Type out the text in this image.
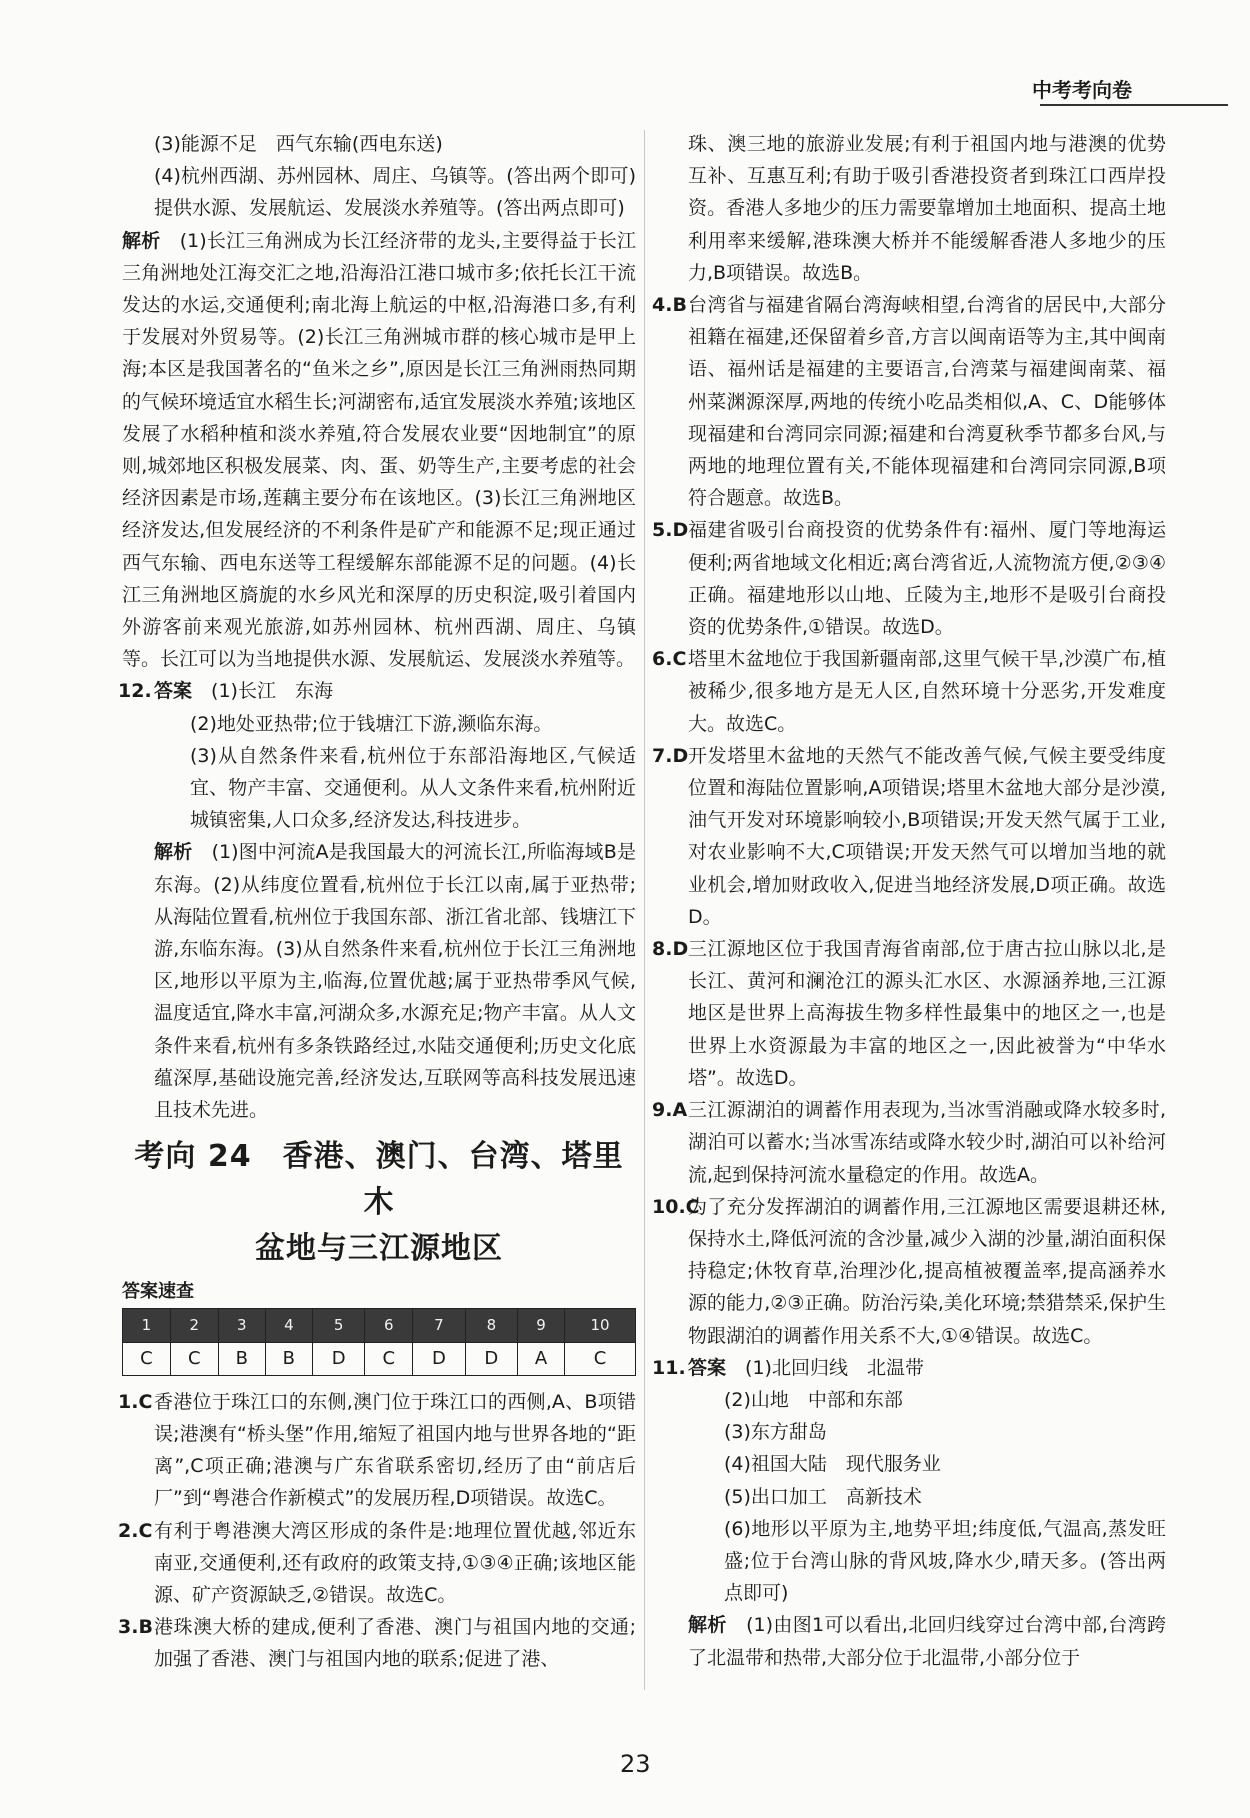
中考考向卷

(3)能源不足　西气东输(西电东送)

(4)杭州西湖、苏州园林、周庄、乌镇等。(答出两个即可)提供水源、发展航运、发展淡水养殖等。(答出两点即可)

解析　 (1)长江三角洲成为长江经济带的龙头,主要得益于长江三角洲地处江海交汇之地,沿海沿江港口城市多;依托长江干流发达的水运,交通便利;南北海上航运的中枢,沿海港口多,有利于发展对外贸易等。(2)长江三角洲城市群的核心城市是甲上海;本区是我国著名的“鱼米之乡”,原因是长江三角洲雨热同期的气候环境适宜水稻生长;河湖密布,适宜发展淡水养殖;该地区发展了水稻种植和淡水养殖,符合发展农业要“因地制宜”的原则,城郊地区积极发展菜、肉、蛋、奶等生产,主要考虑的社会经济因素是市场,莲藕主要分布在该地区。(3)长江三角洲地区经济发达,但发展经济的不利条件是矿产和能源不足;现正通过西气东输、西电东送等工程缓解东部能源不足的问题。(4)长江三角洲地区旖旎的水乡风光和深厚的历史积淀,吸引着国内外游客前来观光旅游,如苏州园林、杭州西湖、周庄、乌镇等。长江可以为当地提供水源、发展航运、发展淡水养殖等。

12. 答案　 (1)长江　东海

(2)地处亚热带;位于钱塘江下游,濒临东海。

(3)从自然条件来看,杭州位于东部沿海地区,气候适宜、物产丰富、交通便利。从人文条件来看,杭州附近城镇密集,人口众多,经济发达,科技进步。

解析　 (1)图中河流A是我国最大的河流长江,所临海域B是东海。(2)从纬度位置看,杭州位于长江以南,属于亚热带;从海陆位置看,杭州位于我国东部、浙江省北部、钱塘江下游,东临东海。(3)从自然条件来看,杭州位于长江三角洲地区,地形以平原为主,临海,位置优越;属于亚热带季风气候,温度适宜,降水丰富,河湖众多,水源充足;物产丰富。从人文条件来看,杭州有多条铁路经过,水陆交通便利;历史文化底蕴深厚,基础设施完善,经济发达,互联网等高科技发展迅速且技术先进。

考向 24　香港、澳门、台湾、塔里木
盆地与三江源地区
答案速查
1	2	3	4	5	6	7	8	9	10
C	C	B	B	D	C	D	D	A	C
1.C 香港位于珠江口的东侧,澳门位于珠江口的西侧,A、B项错误;港澳有“桥头堡”作用,缩短了祖国内地与世界各地的“距离”,C项正确;港澳与广东省联系密切,经历了由“前店后厂”到“粤港合作新模式”的发展历程,D项错误。故选C。
2.C 有利于粤港澳大湾区形成的条件是:地理位置优越,邻近东南亚,交通便利,还有政府的政策支持,①③④正确;该地区能源、矿产资源缺乏,②错误。故选C。
3.B 港珠澳大桥的建成,便利了香港、澳门与祖国内地的交通;加强了香港、澳门与祖国内地的联系;促进了港、

珠、澳三地的旅游业发展;有利于祖国内地与港澳的优势互补、互惠互利;有助于吸引香港投资者到珠江口西岸投资。香港人多地少的压力需要靠增加土地面积、提高土地利用率来缓解,港珠澳大桥并不能缓解香港人多地少的压力,B项错误。故选B。

4.B 台湾省与福建省隔台湾海峡相望,台湾省的居民中,大部分祖籍在福建,还保留着乡音,方言以闽南语等为主,其中闽南语、福州话是福建的主要语言,台湾菜与福建闽南菜、福州菜渊源深厚,两地的传统小吃品类相似,A、C、D能够体现福建和台湾同宗同源;福建和台湾夏秋季节都多台风,与两地的地理位置有关,不能体现福建和台湾同宗同源,B项符合题意。故选B。
5.D 福建省吸引台商投资的优势条件有:福州、厦门等地海运便利;两省地域文化相近;离台湾省近,人流物流方便,②③④正确。福建地形以山地、丘陵为主,地形不是吸引台商投资的优势条件,①错误。故选D。
6.C 塔里木盆地位于我国新疆南部,这里气候干旱,沙漠广布,植被稀少,很多地方是无人区,自然环境十分恶劣,开发难度大。故选C。
7.D 开发塔里木盆地的天然气不能改善气候,气候主要受纬度位置和海陆位置影响,A项错误;塔里木盆地大部分是沙漠,油气开发对环境影响较小,B项错误;开发天然气属于工业,对农业影响不大,C项错误;开发天然气可以增加当地的就业机会,增加财政收入,促进当地经济发展,D项正确。故选D。
8.D 三江源地区位于我国青海省南部,位于唐古拉山脉以北,是长江、黄河和澜沧江的源头汇水区、水源涵养地,三江源地区是世界上高海拔生物多样性最集中的地区之一,也是世界上水资源最为丰富的地区之一,因此被誉为“中华水塔”。故选D。
9.A 三江源湖泊的调蓄作用表现为,当冰雪消融或降水较多时,湖泊可以蓄水;当冰雪冻结或降水较少时,湖泊可以补给河流,起到保持河流水量稳定的作用。故选A。
10.C
为了充分发挥湖泊的调蓄作用,三江源地区需要退耕还林,保持水土,降低河流的含沙量,减少入湖的沙量,湖泊面积保持稳定;休牧育草,治理沙化,提高植被覆盖率,提高涵养水源的能力,②③正确。防治污染,美化环境;禁猎禁采,保护生物跟湖泊的调蓄作用关系不大,①④错误。故选C。
11. 答案　 (1)北回归线　北温带

(2)山地　中部和东部

(3)东方甜岛

(4)祖国大陆　现代服务业

(5)出口加工　高新技术

(6)地形以平原为主,地势平坦;纬度低,气温高,蒸发旺盛;位于台湾山脉的背风坡,降水少,晴天多。(答出两点即可)

解析　 (1)由图1可以看出,北回归线穿过台湾中部,台湾跨了北温带和热带,大部分位于北温带,小部分位于

23
